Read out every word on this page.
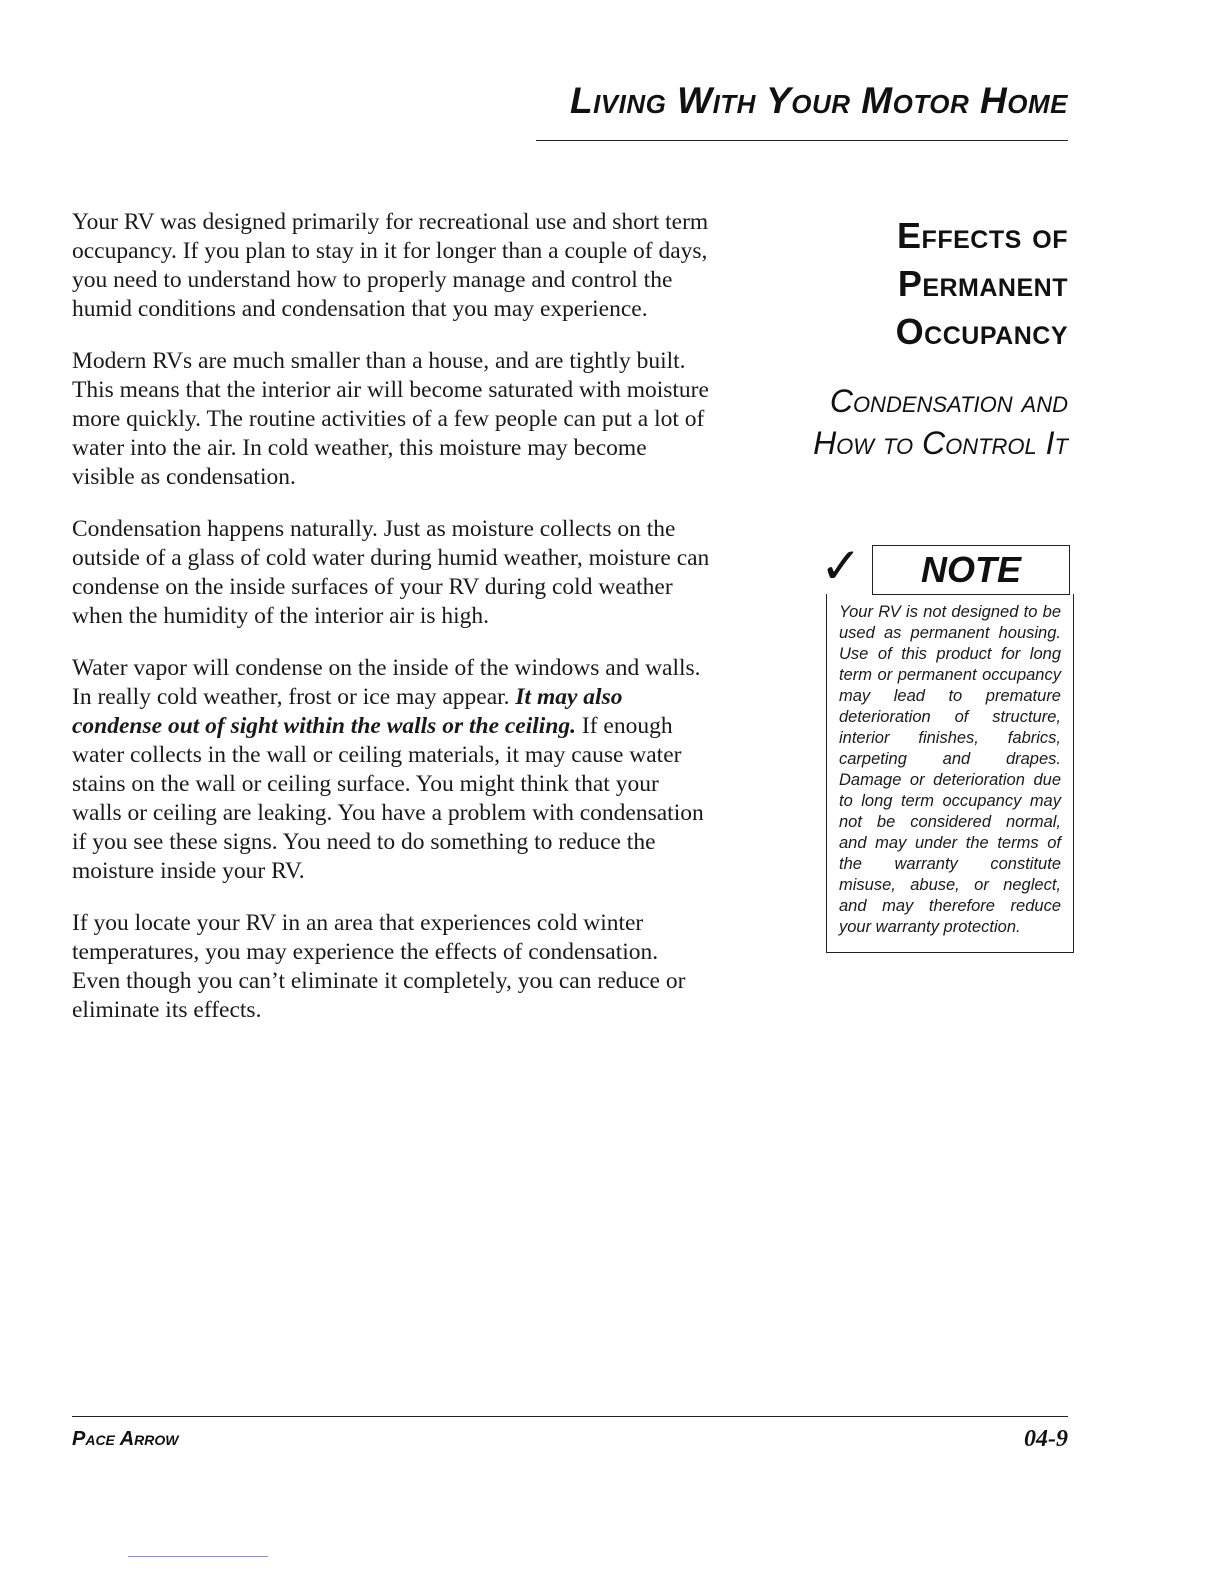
Living With Your Motor Home

Your RV was designed primarily for recreational use and short term occupancy. If you plan to stay in it for longer than a couple of days, you need to understand how to properly manage and control the humid conditions and condensation that you may experience.

Modern RVs are much smaller than a house, and are tightly built. This means that the interior air will become saturated with moisture more quickly. The routine activities of a few people can put a lot of water into the air. In cold weather, this moisture may become visible as condensation.

Condensation happens naturally. Just as moisture collects on the outside of a glass of cold water during humid weather, moisture can condense on the inside surfaces of your RV during cold weather when the humidity of the interior air is high.

Water vapor will condense on the inside of the windows and walls. In really cold weather, frost or ice may appear. It may also condense out of sight within the walls or the ceiling. If enough water collects in the wall or ceiling materials, it may cause water stains on the wall or ceiling surface. You might think that your walls or ceiling are leaking. You have a problem with condensation if you see these signs. You need to do something to reduce the moisture inside your RV.

If you locate your RV in an area that experiences cold winter temperatures, you may experience the effects of condensation. Even though you can’t eliminate it completely, you can reduce or eliminate its effects.

Effects of
Permanent
Occupancy
Condensation and
How to Control It
✓	NOTE
Your RV is not designed to be used as permanent housing. Use of this product for long term or permanent occupancy may lead to premature deterioration of structure, interior finishes, fabrics, carpeting and drapes. Damage or deterioration due to long term occupancy may not be considered normal, and may under the terms of the warranty constitute misuse, abuse, or neglect, and may therefore reduce your warranty protection.
Pace Arrow	04-9
